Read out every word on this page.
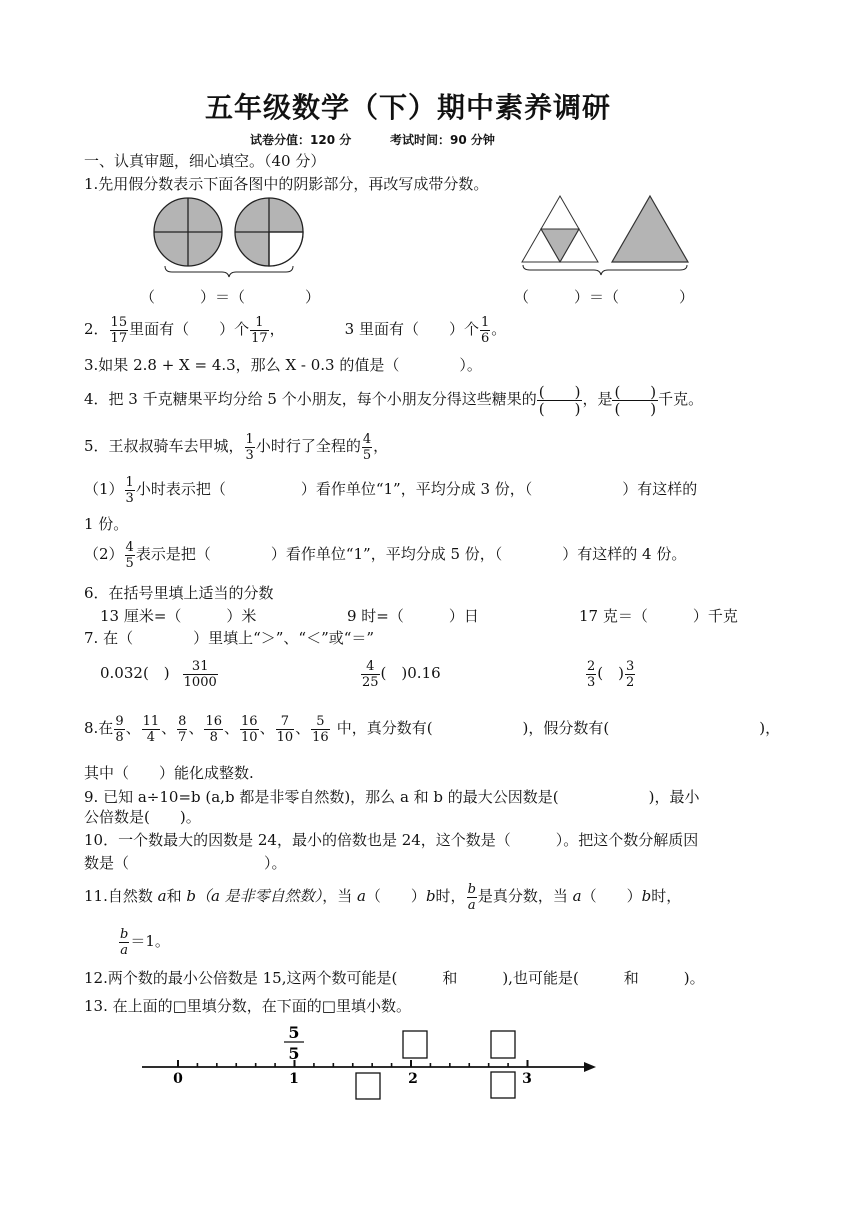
五年级数学（下）期中素养调研
试卷分值：120 分	考试时间：90 分钟
一、认真审题，细心填空。（40 分）
1.先用假分数表示下面各图中的阴影部分，再改写成带分数。
（　　　）＝（　　　　）	（　　　）＝（　　　　）
2． $\frac{15}{17}$ 里面有（　　）个 $\frac{1}{17}$ ，	3 里面有（　　）个 $\frac{1}{6}$ 。
3.如果 2.8 + X = 4.3，那么 X - 0.3 的值是（　　　　）。
4．把 3 千克糖果平均分给 5 个小朋友，每个小朋友分得这些糖果的 (　　)
(　　)
，是 (　　)
(　　)
千克。
5．王叔叔骑车去甲城， $\frac{1}{3}$ 小时行了全程的 $\frac{4}{5}$ ，
$(1) \frac{1}{3}$ 小时表示把（　　　　　）看作单位“1”，平均分成 3 份，（　　　　　　）有这样的
1 份。
$(2) \frac{4}{5}$ 表示是把（　　　　）看作单位“1”，平均分成 5 份，（　　　　）有这样的 4 份。
6．在括号里填上适当的分数
13 厘米=（　　　）米	9 时=（　　　）日	17 克＝（　　　）千克
7. 在（　　　　）里填上“＞”、“＜”或“＝”
0.032(　) $\frac{31}{1000}$	$\frac{4}{25}$ (　)0.16	$\frac{2}{3}$ (　) $\frac{3}{2}$
8.在 $\frac{9}{8}$ 、 $\frac{11}{4}$ 、 $\frac{8}{7}$ 、 $\frac{16}{8}$ 、 $\frac{16}{10}$ 、 $\frac{7}{10}$ 、 $\frac{5}{16}$ 中，真分数有(　　　　　　)，假分数有(　　　　　　　　　　)，
其中（　　）能化成整数.
9. 已知 a÷10=b (a,b 都是非零自然数)，那么 a 和 b 的最大公因数是(　　　　　　)，最小
公倍数是(　　)。
10．一个数最大的因数是 24，最小的倍数也是 24，这个数是（　　　）。把这个数分解质因
数是（　　　　　　　　　）。
11.自然数 a和 b（a 是非零自然数），当 a（　　）b时， $\frac{b}{a}$ 是真分数，当 a（　　）b时，
$\frac{b}{a} =1$。
12.两个数的最小公倍数是 15,这两个数可能是(　　　和　　　),也可能是(　　　和　　　)。
13. 在上面的□里填分数，在下面的□里填小数。
5
5
0	1	2	3
